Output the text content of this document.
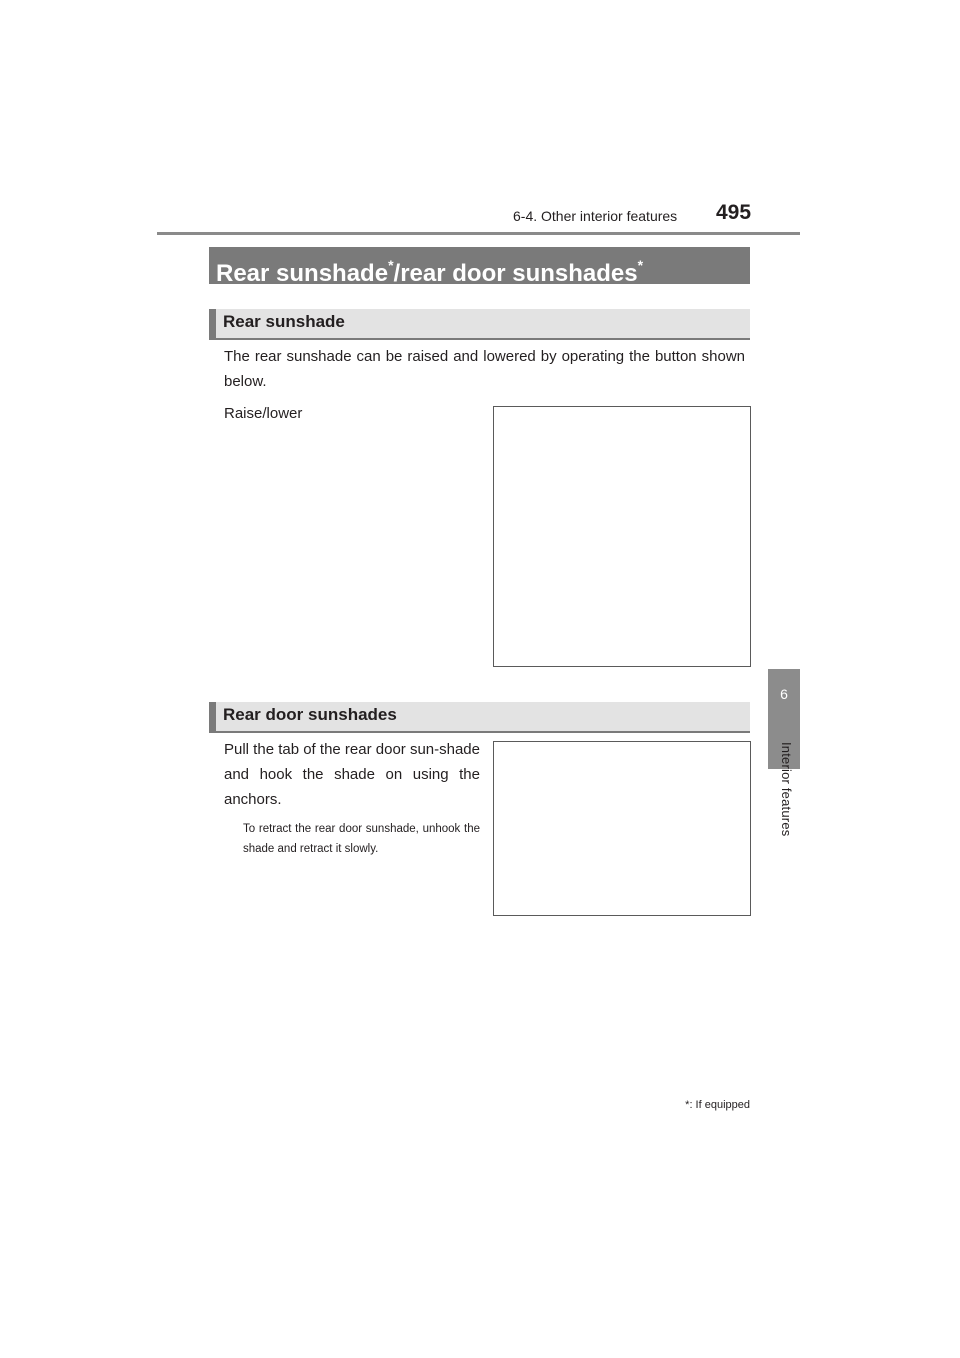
6-4. Other interior features 495
6
Interior features
Rear sunshade*/rear door sunshades*
Rear sunshade
The rear sunshade can be raised and lowered by operating the button shown below.
Raise/lower
Rear door sunshades
Pull the tab of the rear door sun-shade and hook the shade on using the anchors.
To retract the rear door sunshade, unhook the shade and retract it slowly.
*: If equipped
